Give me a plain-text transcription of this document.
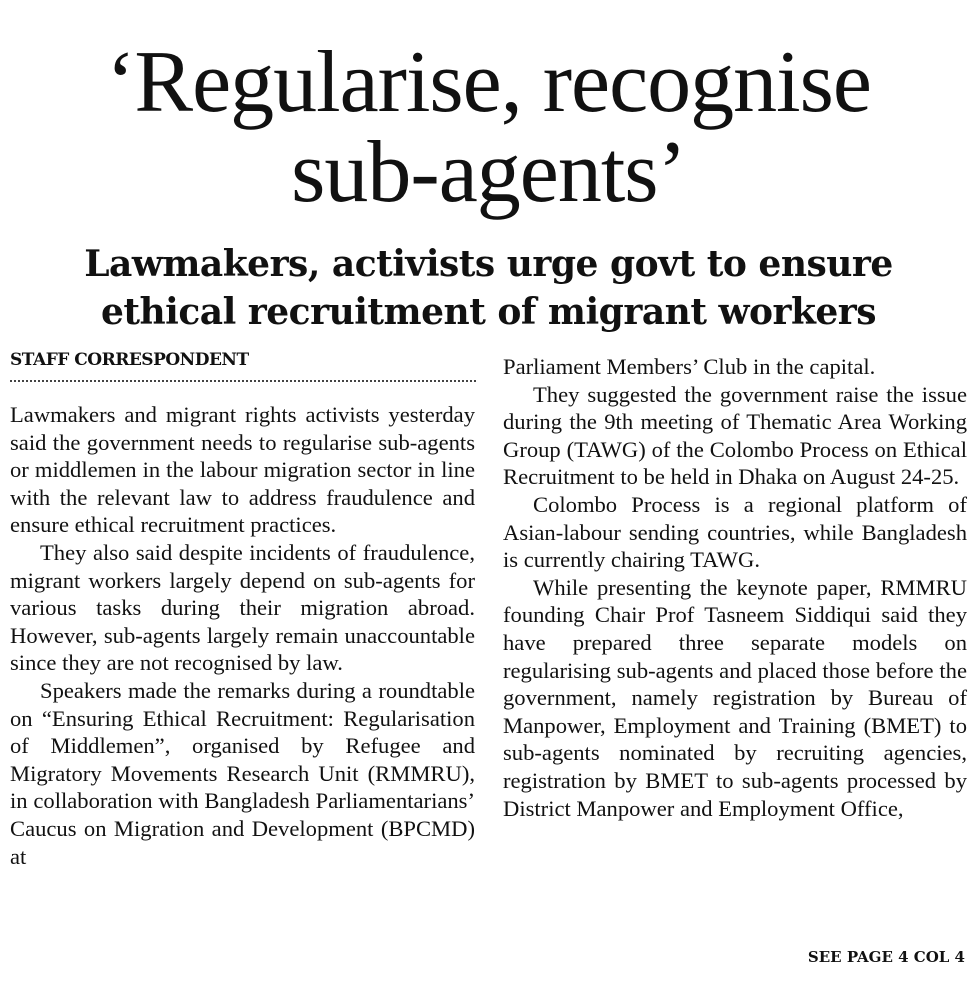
‘Regularise, recognise
sub-agents’
Lawmakers, activists urge govt to ensure
ethical recruitment of migrant workers
STAFF CORRESPONDENT

Lawmakers and migrant rights activists yesterday said the government needs to regularise sub-agents or middlemen in the labour migration sector in line with the relevant law to address fraudulence and ensure ethical recruitment practices.

They also said despite incidents of fraudulence, migrant workers largely depend on sub-agents for various tasks during their migration abroad. However, sub-agents largely remain unaccountable since they are not recognised by law.

Speakers made the remarks during a roundtable on “Ensuring Ethical Recruitment: Regularisation of Middlemen”, organised by Refugee and Migratory Movements Research Unit (RMMRU), in collaboration with Bangladesh Parliamentarians’ Caucus on Migration and Development (BPCMD) at

Parliament Members’ Club in the capital.

They suggested the government raise the issue during the 9th meeting of Thematic Area Working Group (TAWG) of the Colombo Process on Ethical Recruitment to be held in Dhaka on August 24-25.

Colombo Process is a regional platform of Asian-labour sending countries, while Bangladesh is currently chairing TAWG.

While presenting the keynote paper, RMMRU founding Chair Prof Tasneem Siddiqui said they have prepared three separate models on regularising sub-agents and placed those before the government, namely registration by Bureau of Manpower, Employment and Training (BMET) to sub-agents nominated by recruiting agencies, registration by BMET to sub-agents processed by District Manpower and Employment Office,

SEE PAGE 4 COL 4
